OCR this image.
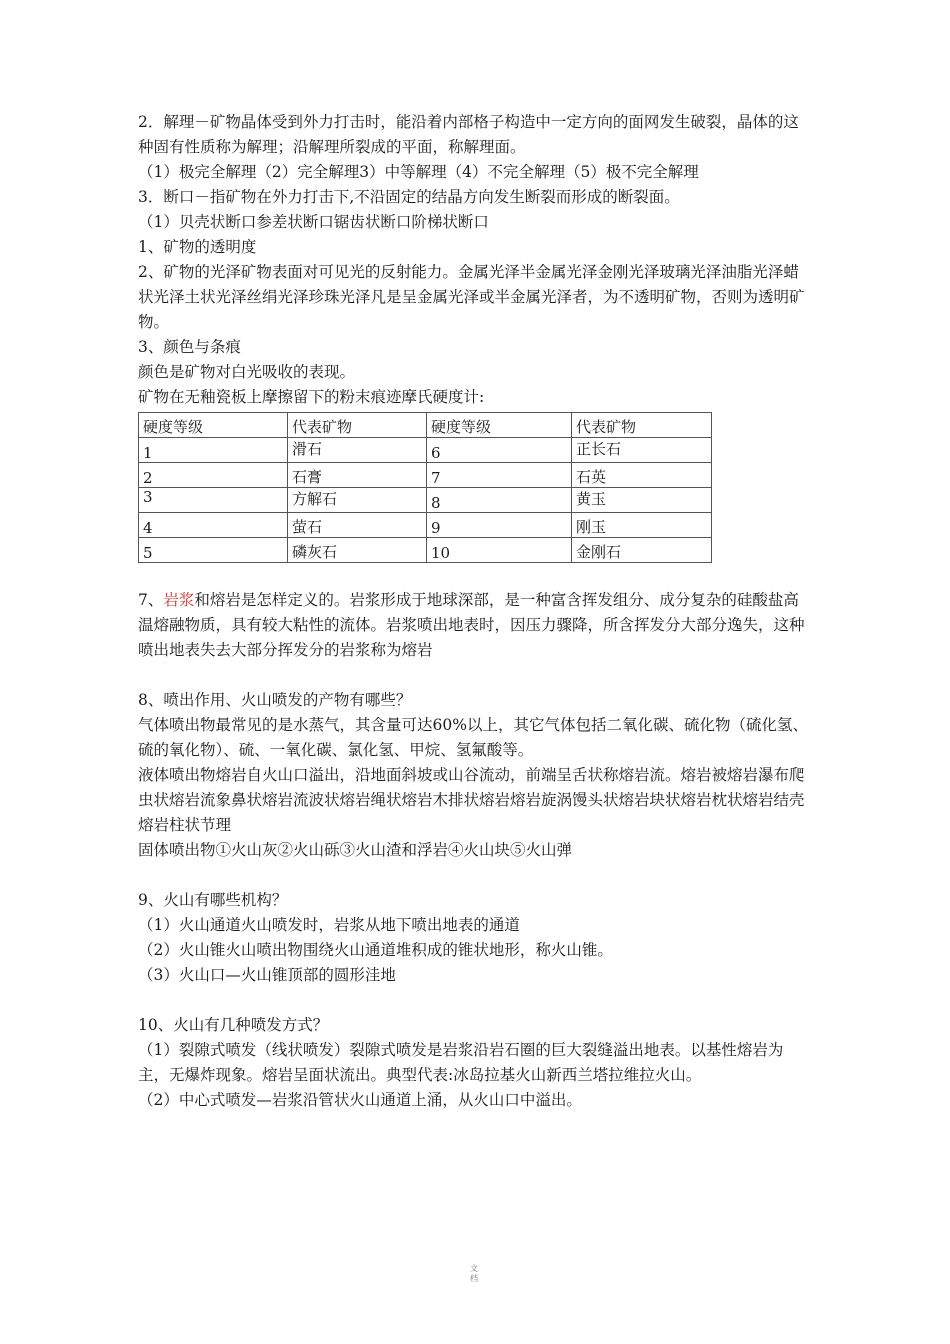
2．解理－矿物晶体受到外力打击时，能沿着内部格子构造中一定方向的面网发生破裂，晶体的这种固有性质称为解理；沿解理所裂成的平面，称解理面。
（1）极完全解理（2）完全解理3）中等解理（4）不完全解理（5）极不完全解理
3．断口－指矿物在外力打击下,不沿固定的结晶方向发生断裂而形成的断裂面。
（1）贝壳状断口参差状断口锯齿状断口阶梯状断口
1、矿物的透明度
2、矿物的光泽矿物表面对可见光的反射能力。金属光泽半金属光泽金刚光泽玻璃光泽油脂光泽蜡状光泽土状光泽丝绢光泽珍珠光泽凡是呈金属光泽或半金属光泽者，为不透明矿物，否则为透明矿物。
3、颜色与条痕
颜色是矿物对白光吸收的表现。
矿物在无釉瓷板上摩擦留下的粉末痕迹摩氏硬度计:
硬度等级	代表矿物	硬度等级	代表矿物
1	滑石	6	正长石
2	石膏	7	石英
3	方解石	8	黄玉
4	萤石	9	刚玉
5	磷灰石	10	金刚石
7、岩浆和熔岩是怎样定义的。岩浆形成于地球深部，是一种富含挥发组分、成分复杂的硅酸盐高温熔融物质，具有较大粘性的流体。岩浆喷出地表时，因压力骤降，所含挥发分大部分逸失，这种喷出地表失去大部分挥发分的岩浆称为熔岩
8、喷出作用、火山喷发的产物有哪些？
气体喷出物最常见的是水蒸气，其含量可达60%以上，其它气体包括二氧化碳、硫化物（硫化氢、硫的氧化物）、硫、一氧化碳、氯化氢、甲烷、氢氟酸等。
液体喷出物熔岩自火山口溢出，沿地面斜坡或山谷流动，前端呈舌状称熔岩流。熔岩被熔岩瀑布爬虫状熔岩流象鼻状熔岩流波状熔岩绳状熔岩木排状熔岩熔岩旋涡馒头状熔岩块状熔岩枕状熔岩结壳熔岩柱状节理
固体喷出物①火山灰②火山砾③火山渣和浮岩④火山块⑤火山弹
9、火山有哪些机构？
（1）火山通道火山喷发时，岩浆从地下喷出地表的通道
（2）火山锥火山喷出物围绕火山通道堆积成的锥状地形，称火山锥。
（3）火山口—火山锥顶部的圆形洼地
10、火山有几种喷发方式？
（1）裂隙式喷发（线状喷发）裂隙式喷发是岩浆沿岩石圈的巨大裂缝溢出地表。以基性熔岩为主，无爆炸现象。熔岩呈面状流出。典型代表:冰岛拉基火山新西兰塔拉维拉火山。
（2）中心式喷发—岩浆沿管状火山通道上涌，从火山口中溢出。
文档
